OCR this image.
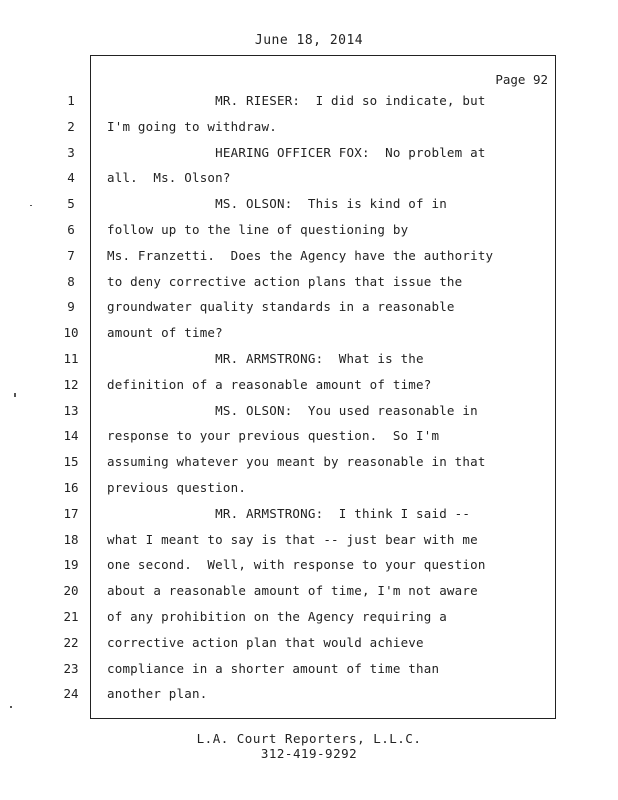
June 18, 2014
Page 92
1	MR. RIESER:  I did so indicate, but
2	I'm going to withdraw.
3	HEARING OFFICER FOX:  No problem at
4	all.  Ms. Olson?
5	MS. OLSON:  This is kind of in
6	follow up to the line of questioning by
7	Ms. Franzetti.  Does the Agency have the authority
8	to deny corrective action plans that issue the
9	groundwater quality standards in a reasonable
10	amount of time?
11	MR. ARMSTRONG:  What is the
12	definition of a reasonable amount of time?
13	MS. OLSON:  You used reasonable in
14	response to your previous question.  So I'm
15	assuming whatever you meant by reasonable in that
16	previous question.
17	MR. ARMSTRONG:  I think I said --
18	what I meant to say is that -- just bear with me
19	one second.  Well, with response to your question
20	about a reasonable amount of time, I'm not aware
21	of any prohibition on the Agency requiring a
22	corrective action plan that would achieve
23	compliance in a shorter amount of time than
24	another plan.
L.A. Court Reporters, L.L.C.
312-419-9292
